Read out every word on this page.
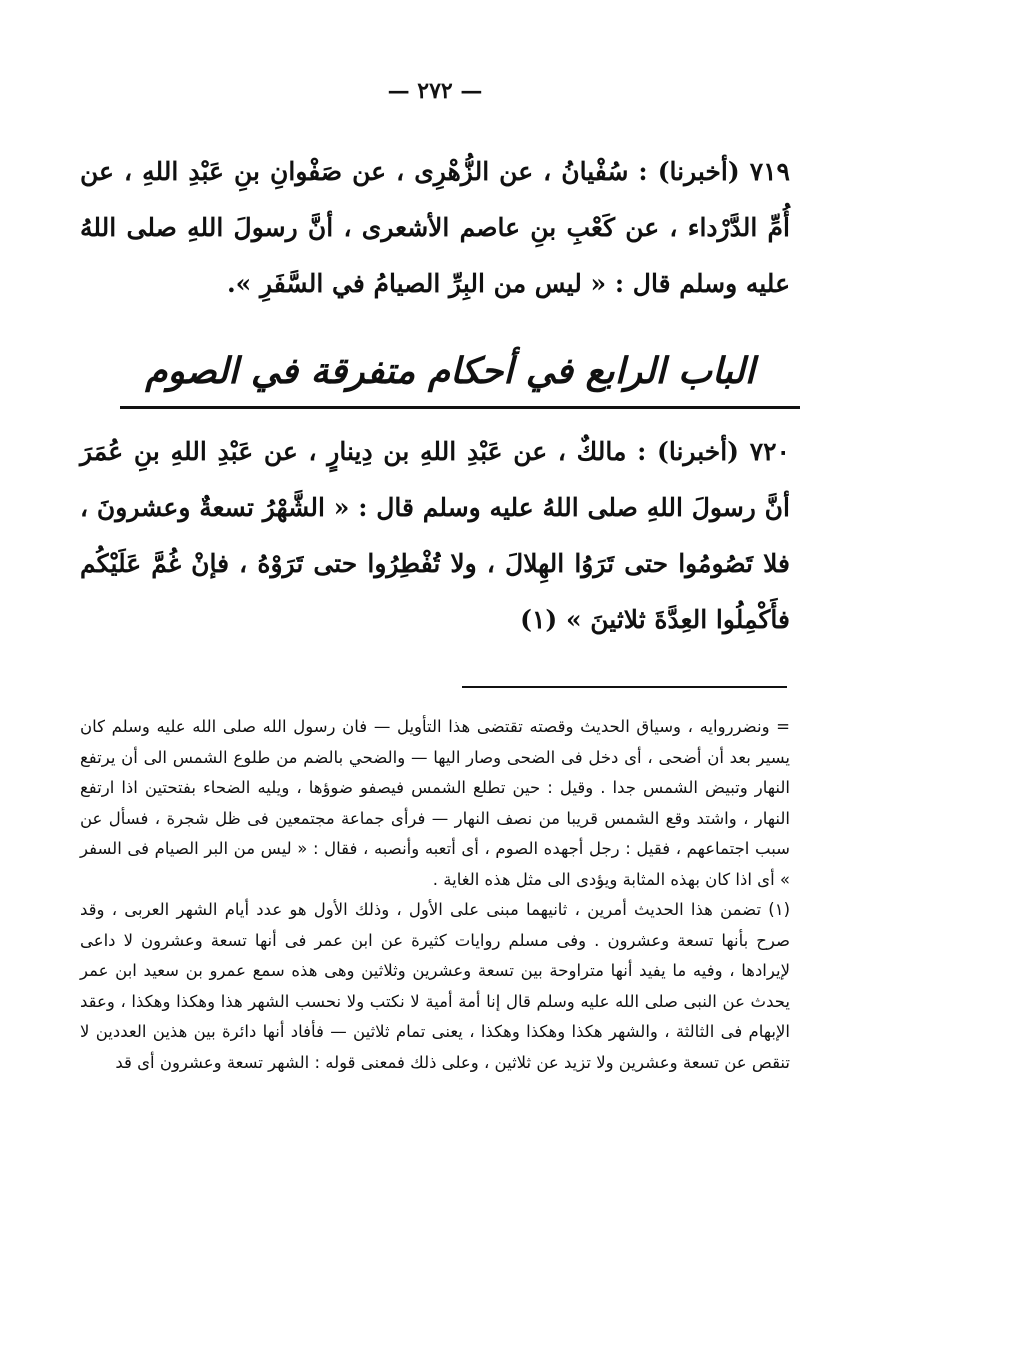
— ٢٧٢ —

٧١٩ (أخبرنا) : سُفْيانُ ، عن الزُّهْرِى ، عن صَفْوانِ بنِ عَبْدِ اللهِ ، عن أُمِّ الدَّرْداء ، عن كَعْبِ بنِ عاصم الأشعرى ، أنَّ رسولَ اللهِ صلى اللهُ عليه وسلم قال : « ليس من البِرِّ الصيامُ في السَّفَرِ ».

الباب الرابع في أحكام متفرقة في الصوم

٧٢٠ (أخبرنا) : مالكٌ ، عن عَبْدِ اللهِ بن دِينارٍ ، عن عَبْدِ اللهِ بنِ عُمَرَ أنَّ رسولَ اللهِ صلى اللهُ عليه وسلم قال : « الشَّهْرُ تسعةٌ وعشرونَ ، فلا تَصُومُوا حتى تَرَوُا الهِلالَ ، ولا تُفْطِرُوا حتى تَرَوْهُ ، فإنْ غُمَّ عَلَيْكُم فأَكْمِلُوا العِدَّةَ ثلاثينَ » (١)

= ونضرروايه ، وسياق الحديث وقصته تقتضى هذا التأويل — فان رسول الله صلى الله عليه وسلم كان يسير بعد أن أضحى ، أى دخل فى الضحى وصار اليها — والضحي بالضم من طلوع الشمس الى أن يرتفع النهار وتبيض الشمس جدا . وقيل : حين تطلع الشمس فيصفو ضوؤها ، ويليه الضحاء بفتحتين اذا ارتفع النهار ، واشتد وقع الشمس قريبا من نصف النهار — فرأى جماعة مجتمعين فى ظل شجرة ، فسأل عن سبب اجتماعهم ، فقيل : رجل أجهده الصوم ، أى أتعبه وأنصبه ، فقال : « ليس من البر الصيام فى السفر » أى اذا كان بهذه المثابة ويؤدى الى مثل هذه الغاية .

(١) تضمن هذا الحديث أمرين ، ثانيهما مبنى على الأول ، وذلك الأول هو عدد أيام الشهر العربى ، وقد صرح بأنها تسعة وعشرون . وفى مسلم روايات كثيرة عن ابن عمر فى أنها تسعة وعشرون لا داعى لإيرادها ، وفيه ما يفيد أنها متراوحة بين تسعة وعشرين وثلاثين وهى هذه سمع عمرو بن سعيد ابن عمر يحدث عن النبى صلى الله عليه وسلم قال إنا أمة أمية لا نكتب ولا نحسب الشهر هذا وهكذا وهكذا ، وعقد الإبهام فى الثالثة ، والشهر هكذا وهكذا وهكذا ، يعنى تمام ثلاثين — فأفاد أنها دائرة بين هذين العددين لا تنقص عن تسعة وعشرين ولا تزيد عن ثلاثين ، وعلى ذلك فمعنى قوله : الشهر تسعة وعشرون أى قد
